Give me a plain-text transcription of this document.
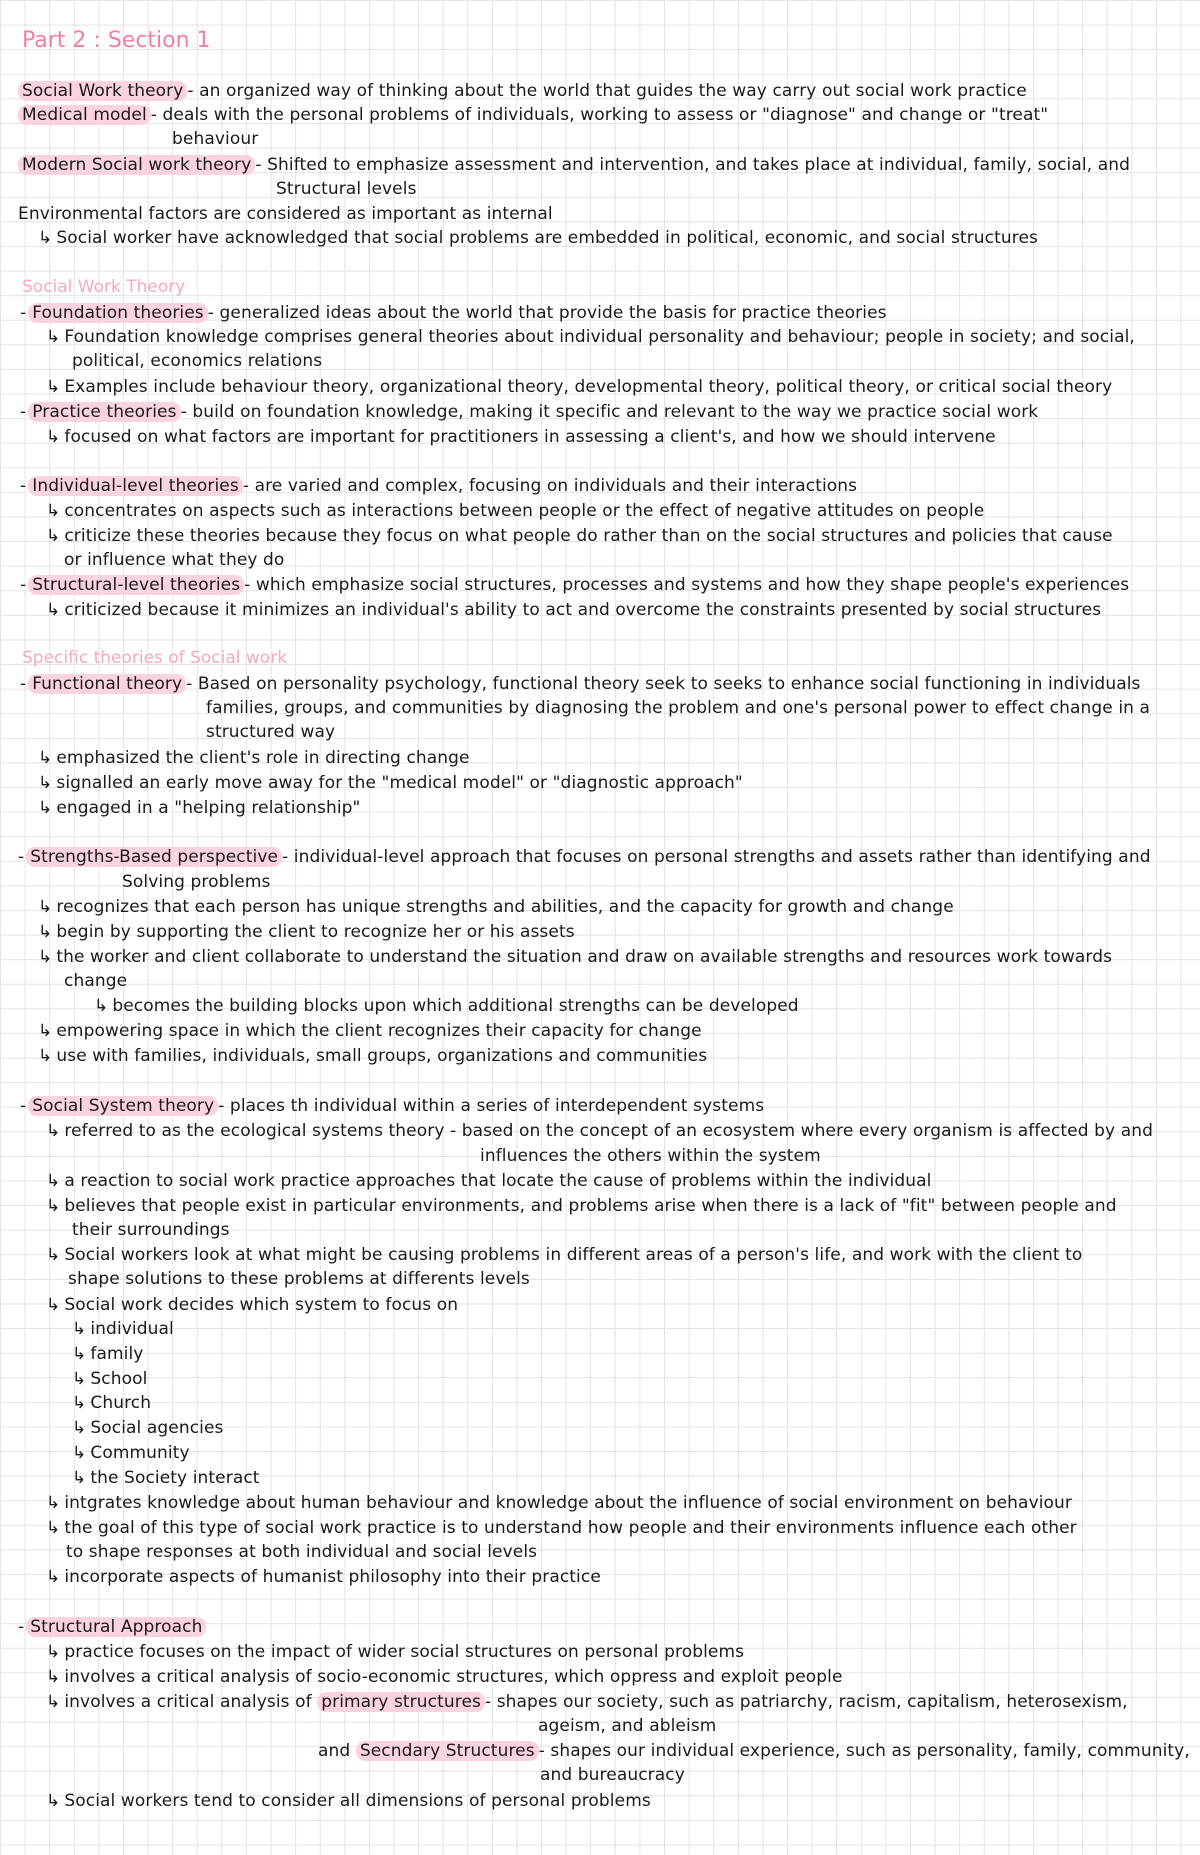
Part 2 : Section 1
Social Work theory - an organized way of thinking about the world that guides the way carry out social work practice
Medical model - deals with the personal problems of individuals, working to assess or "diagnose" and change or "treat"
behaviour
Modern Social work theory - Shifted to emphasize assessment and intervention, and takes place at individual, family, social, and
Structural levels
Environmental factors are considered as important as internal
↳ Social worker have acknowledged that social problems are embedded in political, economic, and social structures
Social Work Theory
- Foundation theories - generalized ideas about the world that provide the basis for practice theories
↳ Foundation knowledge comprises general theories about individual personality and behaviour; people in society; and social,
political, economics relations
↳ Examples include behaviour theory, organizational theory, developmental theory, political theory, or critical social theory
- Practice theories - build on foundation knowledge, making it specific and relevant to the way we practice social work
↳ focused on what factors are important for practitioners in assessing a client's, and how we should intervene
- Individual-level theories - are varied and complex, focusing on individuals and their interactions
↳ concentrates on aspects such as interactions between people or the effect of negative attitudes on people
↳ criticize these theories because they focus on what people do rather than on the social structures and policies that cause
or influence what they do
- Structural-level theories - which emphasize social structures, processes and systems and how they shape people's experiences
↳ criticized because it minimizes an individual's ability to act and overcome the constraints presented by social structures
Specific theories of Social work
- Functional theory - Based on personality psychology, functional theory seek to seeks to enhance social functioning in individuals
families, groups, and communities by diagnosing the problem and one's personal power to effect change in a
structured way
↳ emphasized the client's role in directing change
↳ signalled an early move away for the "medical model" or "diagnostic approach"
↳ engaged in a "helping relationship"
- Strengths-Based perspective - individual-level approach that focuses on personal strengths and assets rather than identifying and
Solving problems
↳ recognizes that each person has unique strengths and abilities, and the capacity for growth and change
↳ begin by supporting the client to recognize her or his assets
↳ the worker and client collaborate to understand the situation and draw on available strengths and resources work towards
change
↳ becomes the building blocks upon which additional strengths can be developed
↳ empowering space in which the client recognizes their capacity for change
↳ use with families, individuals, small groups, organizations and communities
- Social System theory - places th individual within a series of interdependent systems
↳ referred to as the ecological systems theory - based on the concept of an ecosystem where every organism is affected by and
influences the others within the system
↳ a reaction to social work practice approaches that locate the cause of problems within the individual
↳ believes that people exist in particular environments, and problems arise when there is a lack of "fit" between people and
their surroundings
↳ Social workers look at what might be causing problems in different areas of a person's life, and work with the client to
shape solutions to these problems at differents levels
↳ Social work decides which system to focus on
↳ individual
↳ family
↳ School
↳ Church
↳ Social agencies
↳ Community
↳ the Society interact
↳ intgrates knowledge about human behaviour and knowledge about the influence of social environment on behaviour
↳ the goal of this type of social work practice is to understand how people and their environments influence each other
to shape responses at both individual and social levels
↳ incorporate aspects of humanist philosophy into their practice
- Structural Approach
↳ practice focuses on the impact of wider social structures on personal problems
↳ involves a critical analysis of socio-economic structures, which oppress and exploit people
↳ involves a critical analysis of primary structures - shapes our society, such as patriarchy, racism, capitalism, heterosexism,
ageism, and ableism
and Secndary Structures - shapes our individual experience, such as personality, family, community,
and bureaucracy
↳ Social workers tend to consider all dimensions of personal problems
